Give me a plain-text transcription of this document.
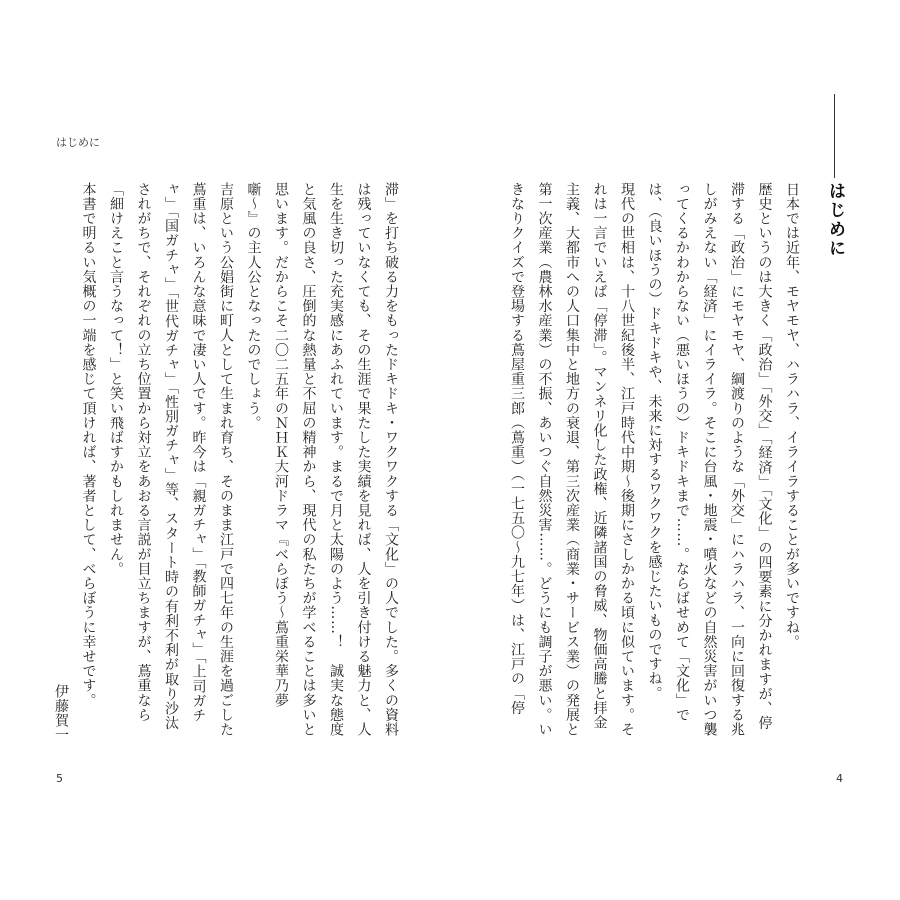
はじめに

滞」を打ち破る力をもったドキドキ・ワクワクする「文化」の人でした。多くの資料は残っていなくても、その生涯で果たした実績を見れば、人を引き付ける魅力と、人生を生き切った充実感にあふれています。まるで月と太陽のよう……！　誠実な態度と気風の良さ、圧倒的な熱量と不屈の精神から、現代の私たちが学べることは多いと思います。だからこそ二〇二五年のＮＨＫ大河ドラマ『べらぼう〜蔦重栄華乃夢噺〜』の主人公となったのでしょう。

吉原という公娼街に町人として生まれ育ち、そのまま江戸で四七年の生涯を過ごした蔦重は、いろんな意味で凄い人です。昨今は「親ガチャ」「教師ガチャ」「上司ガチャ」「国ガチャ」「世代ガチャ」「性別ガチャ」等、スタート時の有利不利が取り沙汰されがちで、それぞれの立ち位置から対立をあおる言説が目立ちますが、蔦重なら「細けえこと言うなって！」と笑い飛ばすかもしれません。

本書で明るい気概の一端を感じて頂ければ、著者として、べらぼうに幸せです。

伊藤賀一

はじめに

日本では近年、モヤモヤ、ハラハラ、イライラすることが多いですね。

歴史というのは大きく「政治」「外交」「経済」「文化」の四要素に分かれますが、停滞する「政治」にモヤモヤ、綱渡りのような「外交」にハラハラ、一向に回復する兆しがみえない「経済」にイライラ。そこに台風・地震・噴火などの自然災害がいつ襲ってくるかわからない（悪いほうの）ドキドキまで……。ならばせめて「文化」では、（良いほうの）ドキドキや、未来に対するワクワクを感じたいものですね。

現代の世相は、十八世紀後半、江戸時代中期〜後期にさしかかる頃に似ています。それは一言でいえば「停滞」。マンネリ化した政権、近隣諸国の脅威、物価高騰と拝金主義、大都市への人口集中と地方の衰退、第三次産業（商業・サービス業）の発展と第一次産業（農林水産業）の不振、あいつぐ自然災害……。どうにも調子が悪い。いきなりクイズで登場する蔦屋重三郎（蔦重）（一七五〇〜九七年）は、江戸の「停

5	4
